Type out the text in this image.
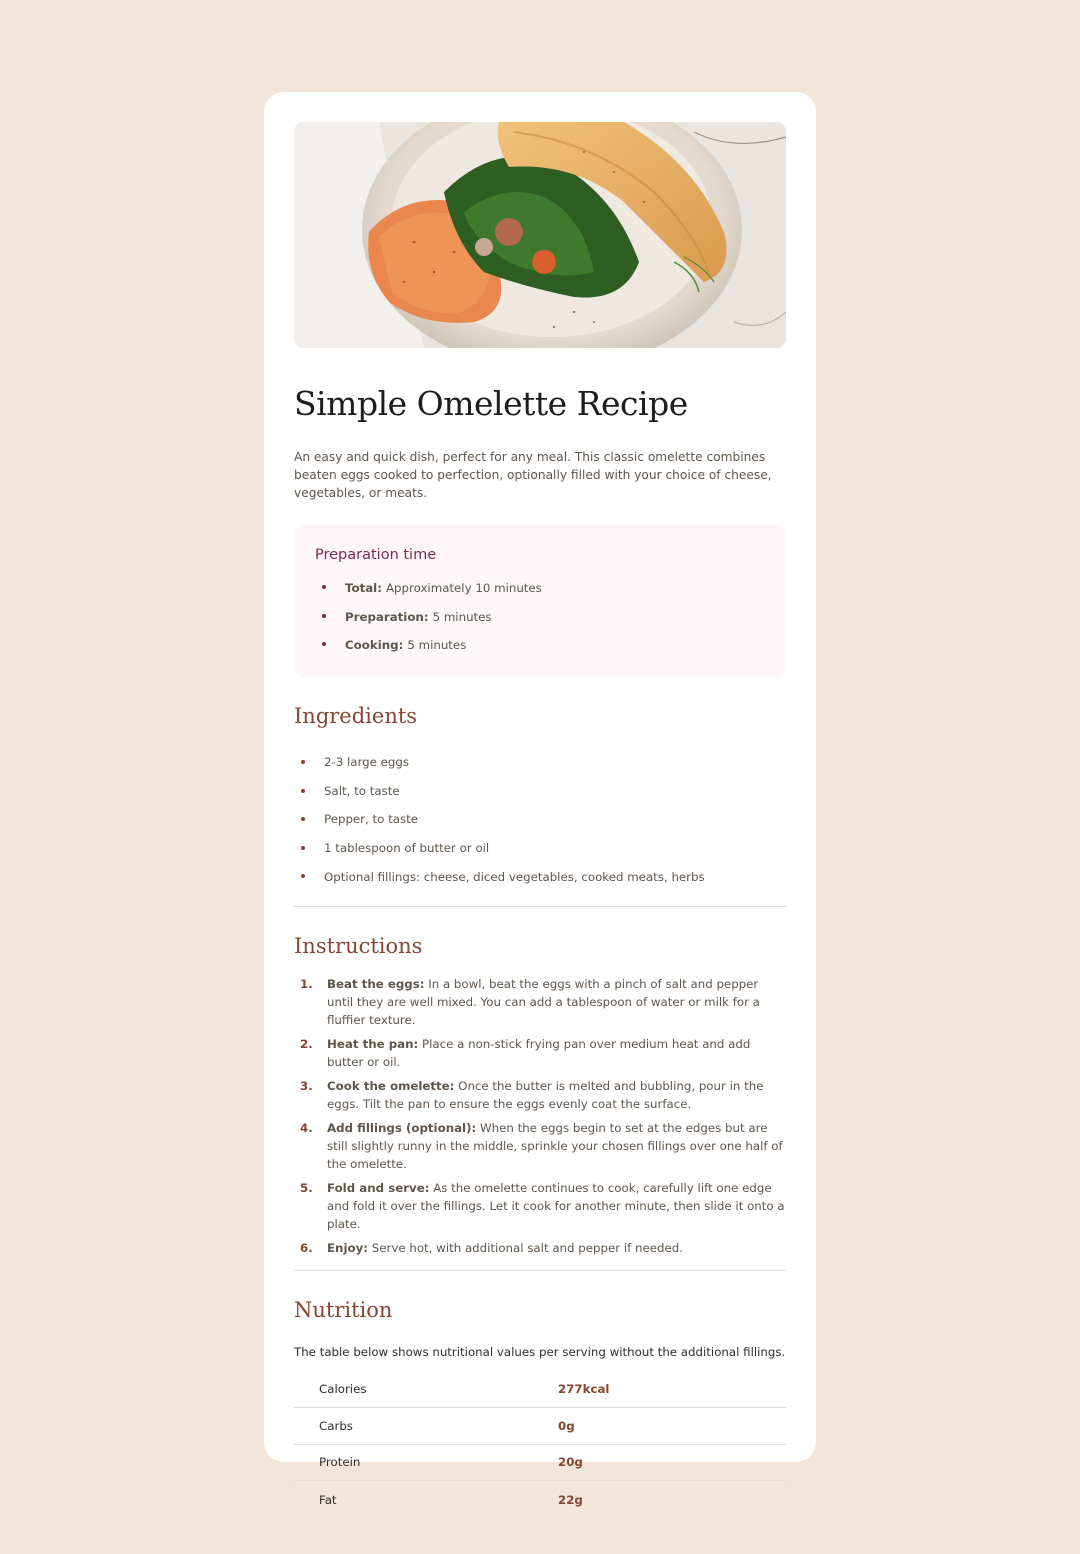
Simple Omelette Recipe

An easy and quick dish, perfect for any meal. This classic omelette combines beaten eggs cooked to perfection, optionally filled with your choice of cheese, vegetables, or meats.

Preparation time
Total: Approximately 10 minutes
Preparation: 5 minutes
Cooking: 5 minutes
Ingredients
2-3 large eggs
Salt, to taste
Pepper, to taste
1 tablespoon of butter or oil
Optional fillings: cheese, diced vegetables, cooked meats, herbs
Instructions
1. Beat the eggs: In a bowl, beat the eggs with a pinch of salt and pepper until they are well mixed. You can add a tablespoon of water or milk for a fluffier texture.
2. Heat the pan: Place a non-stick frying pan over medium heat and add butter or oil.
3. Cook the omelette: Once the butter is melted and bubbling, pour in the eggs. Tilt the pan to ensure the eggs evenly coat the surface.
4. Add fillings (optional): When the eggs begin to set at the edges but are still slightly runny in the middle, sprinkle your chosen fillings over one half of the omelette.
5. Fold and serve: As the omelette continues to cook, carefully lift one edge and fold it over the fillings. Let it cook for another minute, then slide it onto a plate.
6. Enjoy: Serve hot, with additional salt and pepper if needed.
Nutrition

The table below shows nutritional values per serving without the additional fillings.

Calories	277kcal
Carbs	0g
Protein	20g
Fat	22g
